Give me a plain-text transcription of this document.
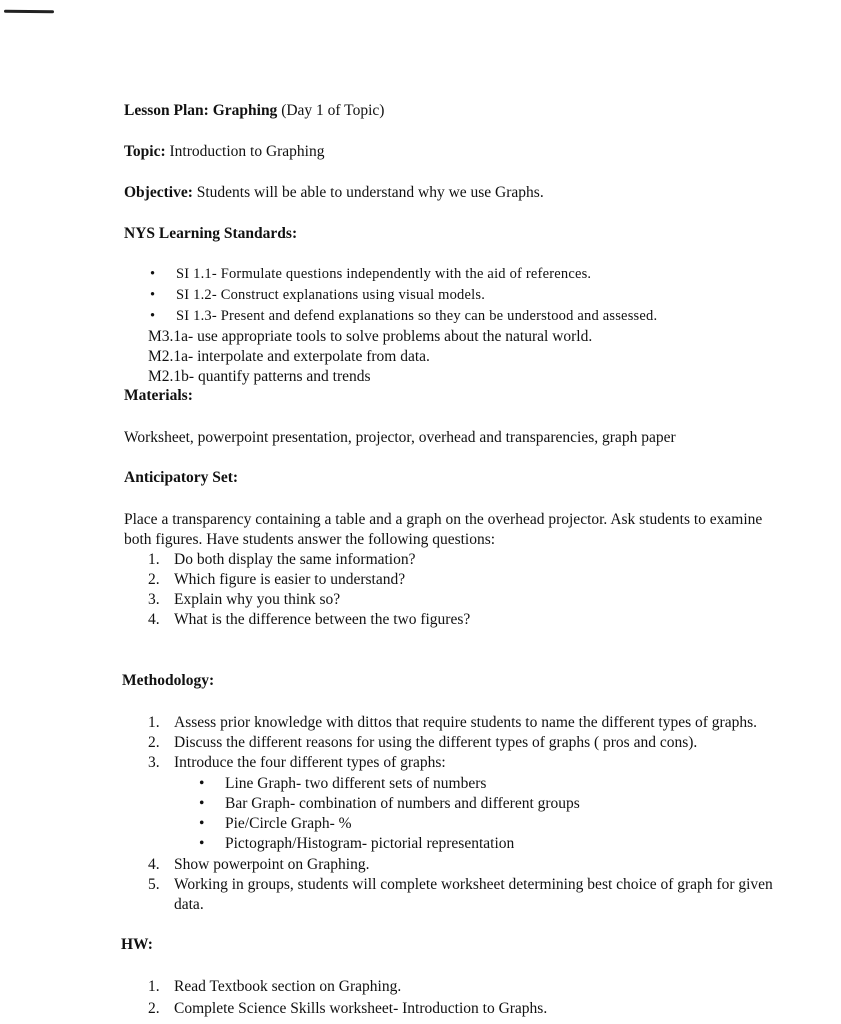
Lesson Plan: Graphing (Day 1 of Topic)
Topic: Introduction to Graphing
Objective: Students will be able to understand why we use Graphs.
NYS Learning Standards:
• SI 1.1- Formulate questions independently with the aid of references.
• SI 1.2- Construct explanations using visual models.
• SI 1.3- Present and defend explanations so they can be understood and assessed.
M3.1a- use appropriate tools to solve problems about the natural world.
M2.1a- interpolate and exterpolate from data.
M2.1b- quantify patterns and trends
Materials:
Worksheet, powerpoint presentation, projector, overhead and transparencies, graph paper
Anticipatory Set:
Place a transparency containing a table and a graph on the overhead projector. Ask students to examine
both figures. Have students answer the following questions:
1. Do both display the same information?
2. Which figure is easier to understand?
3. Explain why you think so?
4. What is the difference between the two figures?
Methodology:
1. Assess prior knowledge with dittos that require students to name the different types of graphs.
2. Discuss the different reasons for using the different types of graphs ( pros and cons).
3. Introduce the four different types of graphs:
• Line Graph- two different sets of numbers
• Bar Graph- combination of numbers and different groups
• Pie/Circle Graph- %
• Pictograph/Histogram- pictorial representation
4. Show powerpoint on Graphing.
5. Working in groups, students will complete worksheet determining best choice of graph for given
data.
HW:
1. Read Textbook section on Graphing.
2. Complete Science Skills worksheet- Introduction to Graphs.
